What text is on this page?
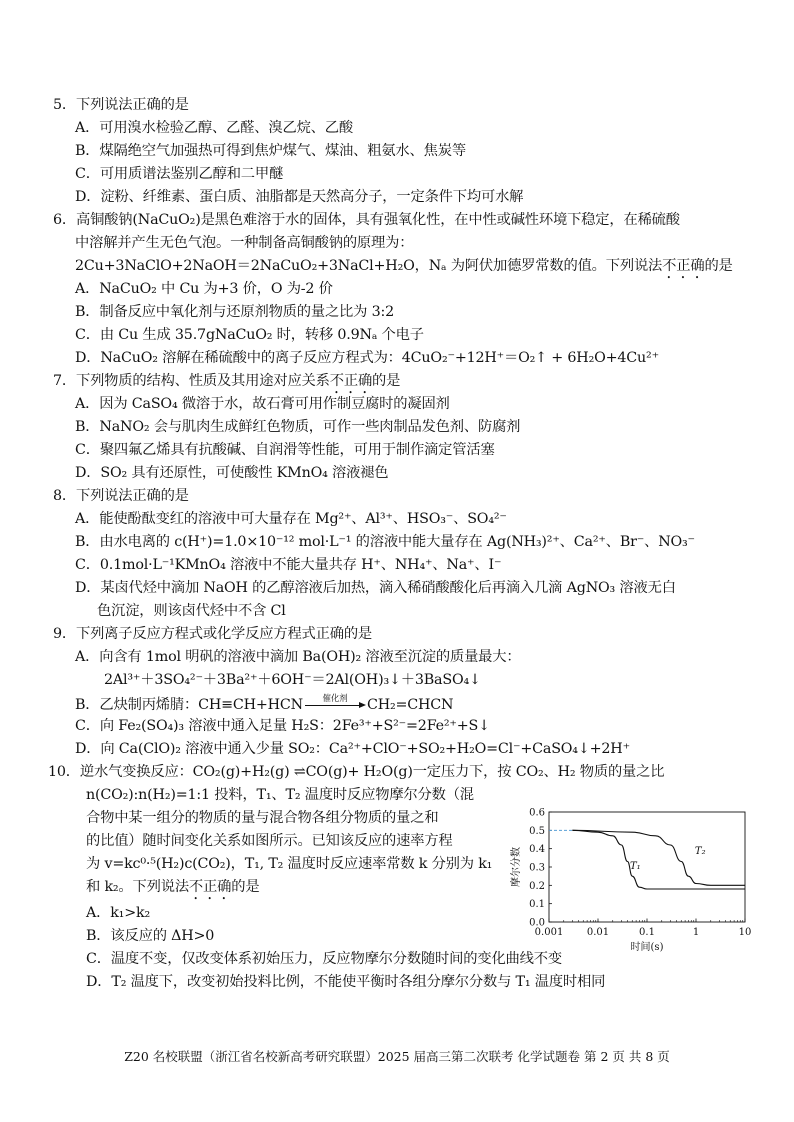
5．下列说法正确的是
A．可用溴水检验乙醇、乙醛、溴乙烷、乙酸
B．煤隔绝空气加强热可得到焦炉煤气、煤油、粗氨水、焦炭等
C．可用质谱法鉴别乙醇和二甲醚
D．淀粉、纤维素、蛋白质、油脂都是天然高分子，一定条件下均可水解
6．高铜酸钠(NaCuO₂)是黑色难溶于水的固体，具有强氧化性，在中性或碱性环境下稳定，在稀硫酸
中溶解并产生无色气泡。一种制备高铜酸钠的原理为：
2Cu+3NaClO+2NaOH＝2NaCuO₂+3NaCl+H₂O，Nₐ 为阿伏加德罗常数的值。下列说法不正确的是
A．NaCuO₂ 中 Cu 为+3 价，O 为-2 价
B．制备反应中氧化剂与还原剂物质的量之比为 3:2
C．由 Cu 生成 35.7gNaCuO₂ 时，转移 0.9Nₐ 个电子
D．NaCuO₂ 溶解在稀硫酸中的离子反应方程式为：4CuO₂⁻+12H⁺＝O₂↑ + 6H₂O+4Cu²⁺
7．下列物质的结构、性质及其用途对应关系不正确的是
A．因为 CaSO₄ 微溶于水，故石膏可用作制豆腐时的凝固剂
B．NaNO₂ 会与肌肉生成鲜红色物质，可作一些肉制品发色剂、防腐剂
C．聚四氟乙烯具有抗酸碱、自润滑等性能，可用于制作滴定管活塞
D．SO₂ 具有还原性，可使酸性 KMnO₄ 溶液褪色
8．下列说法正确的是
A．能使酚酞变红的溶液中可大量存在 Mg²⁺、Al³⁺、HSO₃⁻、SO₄²⁻
B．由水电离的 c(H⁺)=1.0×10⁻¹² mol·L⁻¹ 的溶液中能大量存在 Ag(NH₃)²⁺、Ca²⁺、Br⁻、NO₃⁻
C．0.1mol·L⁻¹KMnO₄ 溶液中不能大量共存 H⁺、NH₄⁺、Na⁺、I⁻
D．某卤代烃中滴加 NaOH 的乙醇溶液后加热，滴入稀硝酸酸化后再滴入几滴 AgNO₃ 溶液无白
色沉淀，则该卤代烃中不含 Cl
9．下列离子反应方程式或化学反应方程式正确的是
A．向含有 1mol 明矾的溶液中滴加 Ba(OH)₂ 溶液至沉淀的质量最大：
2Al³⁺＋3SO₄²⁻＋3Ba²⁺＋6OH⁻＝2Al(OH)₃↓＋3BaSO₄↓
B．乙炔制丙烯腈：CH≡CH+HCN	催化剂	CH₂=CHCN
C．向 Fe₂(SO₄)₃ 溶液中通入足量 H₂S：2Fe³⁺+S²⁻=2Fe²⁺+S↓
D．向 Ca(ClO)₂ 溶液中通入少量 SO₂：Ca²⁺+ClO⁻+SO₂+H₂O=Cl⁻+CaSO₄↓+2H⁺
10．逆水气变换反应：CO₂(g)+H₂(g) ⇌CO(g)+ H₂O(g)一定压力下，按 CO₂、H₂ 物质的量之比
n(CO₂):n(H₂)=1:1 投料，T₁、T₂ 温度时反应物摩尔分数（混
合物中某一组分的物质的量与混合物各组分物质的量之和
的比值）随时间变化关系如图所示。已知该反应的速率方程
为 v=kc⁰·⁵(H₂)c(CO₂)，T₁, T₂ 温度时反应速率常数 k 分别为 k₁
和 k₂。下列说法不正确的是
A．k₁>k₂
B．该反应的 ΔH>0
C．温度不变，仅改变体系初始压力，反应物摩尔分数随时间的变化曲线不变
D．T₂ 温度下，改变初始投料比例，不能使平衡时各组分摩尔分数与 T₁ 温度时相同
0.0
0.1
0.2
0.3
0.4
0.5
0.6
0.001 0.01	0.1	1	10
时间(s)
摩尔分数	T₁
T₂
Z20 名校联盟（浙江省名校新高考研究联盟）2025 届高三第二次联考 化学试题卷 第 2 页 共 8 页
